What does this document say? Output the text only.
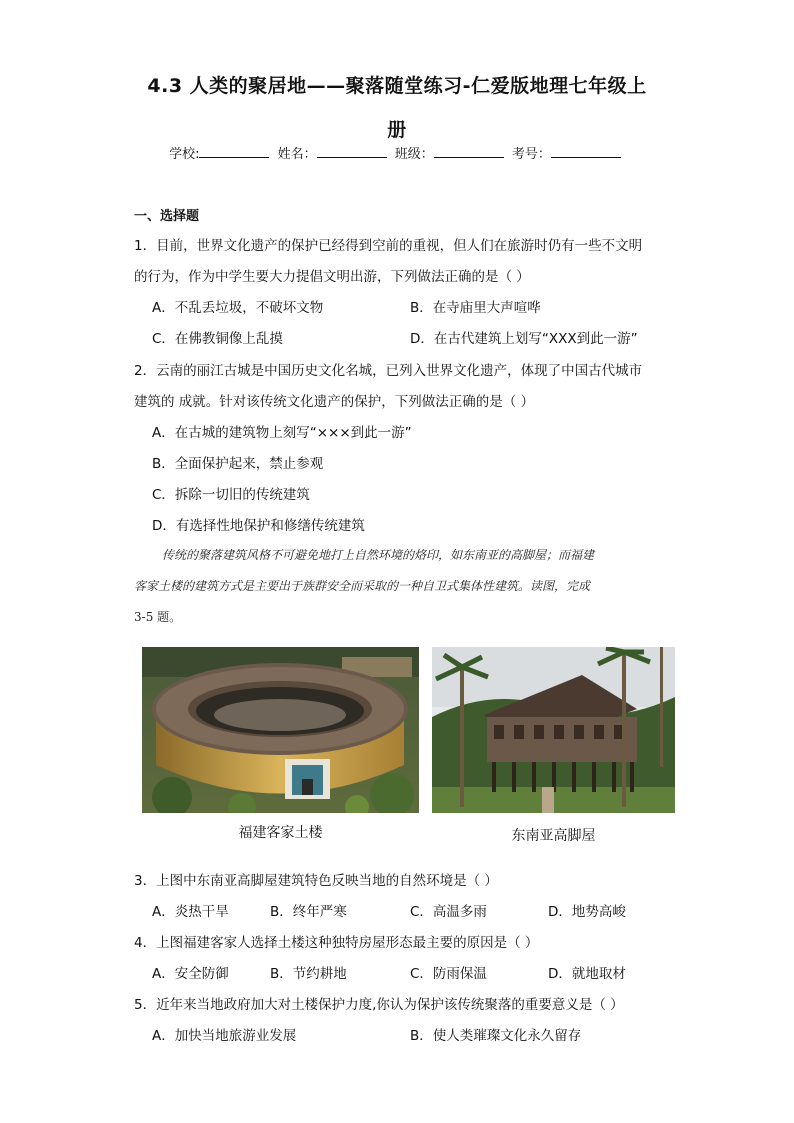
4.3 人类的聚居地——聚落随堂练习-仁爱版地理七年级上
册
学校:	姓名：	班级：	考号：
一、选择题
1．目前，世界文化遗产的保护已经得到空前的重视，但人们在旅游时仍有一些不文明
的行为，作为中学生要大力提倡文明出游，下列做法正确的是（ ）
A．不乱丢垃圾，不破坏文物	B．在寺庙里大声喧哗
C．在佛教铜像上乱摸	D．在古代建筑上划写“XXX到此一游”
2．云南的丽江古城是中国历史文化名城，已列入世界文化遗产，体现了中国古代城市
建筑的 成就。针对该传统文化遗产的保护，下列做法正确的是（ ）
A．在古城的建筑物上刻写“×××到此一游”
B．全面保护起来，禁止参观
C．拆除一切旧的传统建筑
D．有选择性地保护和修缮传统建筑
传统的聚落建筑风格不可避免地打上自然环境的烙印，如东南亚的高脚屋；而福建
客家土楼的建筑方式是主要出于族群安全而采取的一种自卫式集体性建筑。读图，完成
3-5 题。
福建客家土楼	东南亚高脚屋
3．上图中东南亚高脚屋建筑特色反映当地的自然环境是（ ）
A．炎热干旱	B．终年严寒	C．高温多雨	D．地势高峻
4．上图福建客家人选择土楼这种独特房屋形态最主要的原因是（ ）
A．安全防御	B．节约耕地	C．防雨保温	D．就地取材
5．近年来当地政府加大对土楼保护力度,你认为保护该传统聚落的重要意义是（ ）
A．加快当地旅游业发展	B．使人类璀璨文化永久留存
